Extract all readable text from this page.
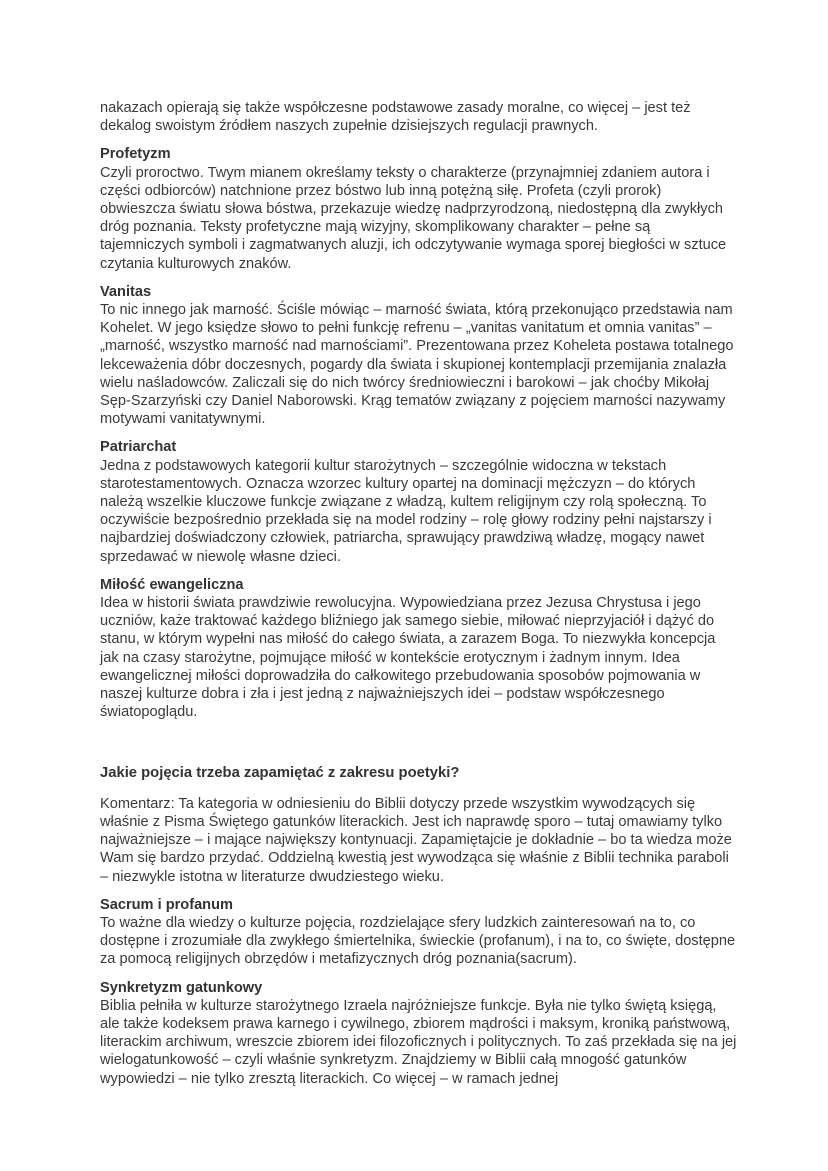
nakazach opierają się także współczesne podstawowe zasady moralne, co więcej – jest też dekalog swoistym źródłem naszych zupełnie dzisiejszych regulacji prawnych.

Profetyzm

Czyli proroctwo. Twym mianem określamy teksty o charakterze (przynajmniej zdaniem autora i części odbiorców) natchnione przez bóstwo lub inną potężną siłę. Profeta (czyli prorok) obwieszcza światu słowa bóstwa, przekazuje wiedzę nadprzyrodzoną, niedostępną dla zwykłych dróg poznania. Teksty profetyczne mają wizyjny, skomplikowany charakter – pełne są tajemniczych symboli i zagmatwanych aluzji, ich odczytywanie wymaga sporej biegłości w sztuce czytania kulturowych znaków.

Vanitas

To nic innego jak marność. Ściśle mówiąc – marność świata, którą przekonująco przedstawia nam Kohelet. W jego księdze słowo to pełni funkcję refrenu – „vanitas vanitatum et omnia vanitas” – „marność, wszystko marność nad marnościami”. Prezentowana przez Koheleta postawa totalnego lekceważenia dóbr doczesnych, pogardy dla świata i skupionej kontemplacji przemijania znalazła wielu naśladowców. Zaliczali się do nich twórcy średniowieczni i barokowi – jak choćby Mikołaj Sęp-Szarzyński czy Daniel Naborowski. Krąg tematów związany z pojęciem marności nazywamy motywami vanitatywnymi.

Patriarchat

Jedna z podstawowych kategorii kultur starożytnych – szczególnie widoczna w tekstach starotestamentowych. Oznacza wzorzec kultury opartej na dominacji mężczyzn – do których należą wszelkie kluczowe funkcje związane z władzą, kultem religijnym czy rolą społeczną. To oczywiście bezpośrednio przekłada się na model rodziny – rolę głowy rodziny pełni najstarszy i najbardziej doświadczony człowiek, patriarcha, sprawujący prawdziwą władzę, mogący nawet sprzedawać w niewolę własne dzieci.

Miłość ewangeliczna

Idea w historii świata prawdziwie rewolucyjna. Wypowiedziana przez Jezusa Chrystusa i jego uczniów, każe traktować każdego bliźniego jak samego siebie, miłować nieprzyjaciół i dążyć do stanu, w którym wypełni nas miłość do całego świata, a zarazem Boga. To niezwykła koncepcja jak na czasy starożytne, pojmujące miłość w kontekście erotycznym i żadnym innym. Idea ewangelicznej miłości doprowadziła do całkowitego przebudowania sposobów pojmowania w naszej kulturze dobra i zła i jest jedną z najważniejszych idei – podstaw współczesnego światopoglądu.

Jakie pojęcia trzeba zapamiętać z zakresu poetyki?

Komentarz: Ta kategoria w odniesieniu do Biblii dotyczy przede wszystkim wywodzących się właśnie z Pisma Świętego gatunków literackich. Jest ich naprawdę sporo – tutaj omawiamy tylko najważniejsze – i mające największy kontynuacji. Zapamiętajcie je dokładnie – bo ta wiedza może Wam się bardzo przydać. Oddzielną kwestią jest wywodząca się właśnie z Biblii technika paraboli – niezwykle istotna w literaturze dwudziestego wieku.

Sacrum i profanum

To ważne dla wiedzy o kulturze pojęcia, rozdzielające sfery ludzkich zainteresowań na to, co dostępne i zrozumiałe dla zwykłego śmiertelnika, świeckie (profanum), i na to, co święte, dostępne za pomocą religijnych obrzędów i metafizycznych dróg poznania(sacrum).

Synkretyzm gatunkowy

Biblia pełniła w kulturze starożytnego Izraela najróżniejsze funkcje. Była nie tylko świętą księgą, ale także kodeksem prawa karnego i cywilnego, zbiorem mądrości i maksym, kroniką państwową, literackim archiwum, wreszcie zbiorem idei filozoficznych i politycznych. To zaś przekłada się na jej wielogatunkowość – czyli właśnie synkretyzm. Znajdziemy w Biblii całą mnogość gatunków wypowiedzi – nie tylko zresztą literackich. Co więcej – w ramach jednej
